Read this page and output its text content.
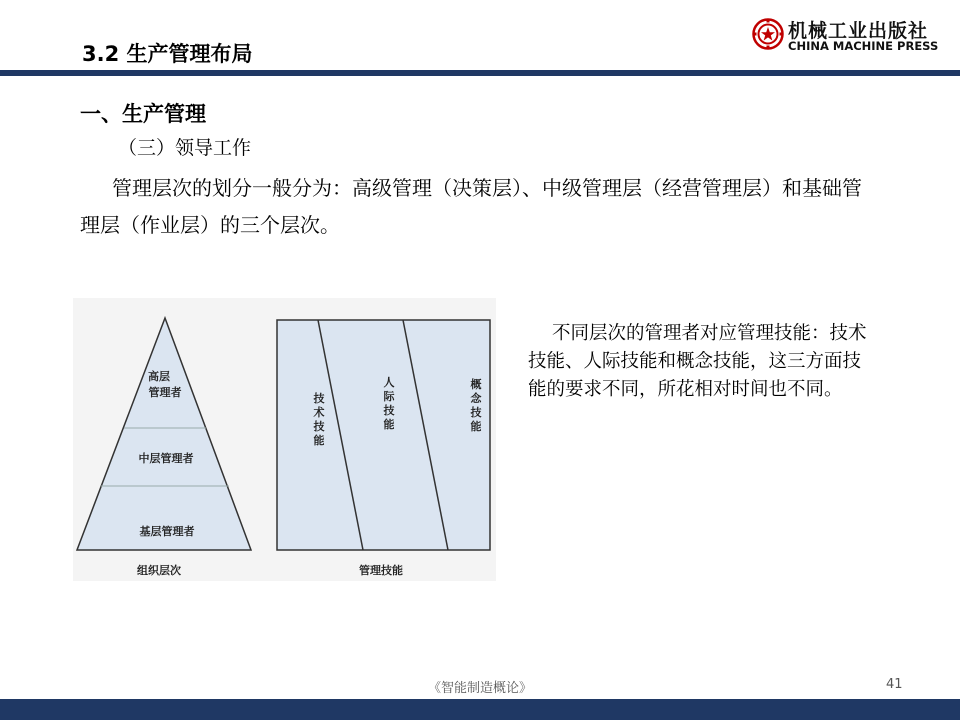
3.2 生产管理布局
机械工业出版社
CHINA MACHINE PRESS
一、生产管理
（三）领导工作

管理层次的划分一般分为：高级管理（决策层）、中级管理层（经营管理层）和基础管理层（作业层）的三个层次。

高层
管理者
中层管理者
基层管理者
组织层次
技术技能
人际技能
概念技能
管理技能

不同层次的管理者对应管理技能：技术技能、人际技能和概念技能，这三方面技能的要求不同，所花相对时间也不同。

《智能制造概论》	41
